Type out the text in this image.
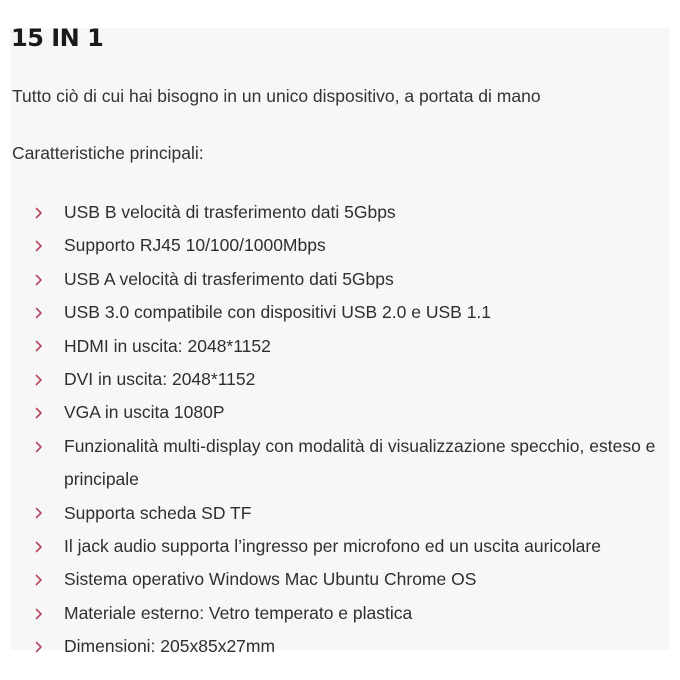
15 IN 1

Tutto ciò di cui hai bisogno in un unico dispositivo, a portata di mano

Caratteristiche principali:

USB B velocità di trasferimento dati 5Gbps
Supporto RJ45 10/100/1000Mbps
USB A velocità di trasferimento dati 5Gbps
USB 3.0 compatibile con dispositivi USB 2.0 e USB 1.1
HDMI in uscita: 2048*1152
DVI in uscita: 2048*1152
VGA in uscita 1080P
Funzionalità multi-display con modalità di visualizzazione specchio, esteso e principale
Supporta scheda SD TF
Il jack audio supporta l’ingresso per microfono ed un uscita auricolare
Sistema operativo Windows Mac Ubuntu Chrome OS
Materiale esterno: Vetro temperato e plastica
Dimensioni: 205x85x27mm
